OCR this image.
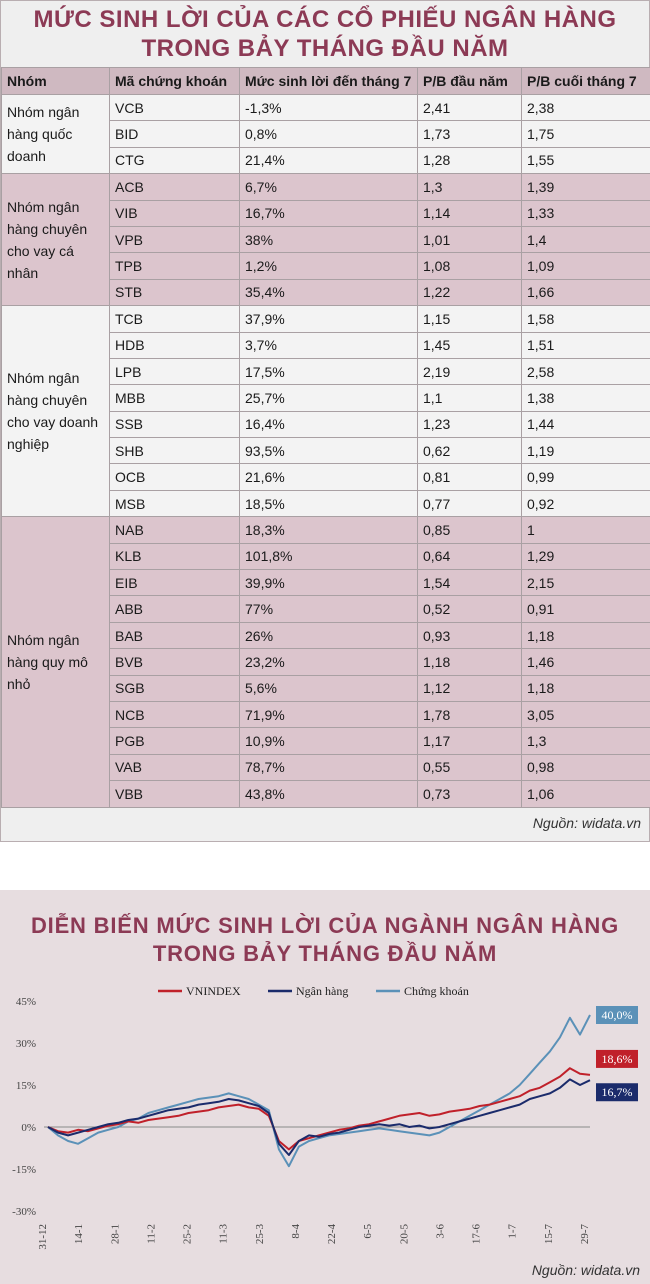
MỨC SINH LỜI CỦA CÁC CỔ PHIẾU NGÂN HÀNG
TRONG BẢY THÁNG ĐẦU NĂM
Nhóm	Mã chứng khoán	Mức sinh lời đến tháng 7	P/B đầu năm	P/B cuối tháng 7
Nhóm ngân hàng quốc doanh	VCB	-1,3%	2,41	2,38
	BID	0,8%	1,73	1,75
	CTG	21,4%	1,28	1,55
Nhóm ngân hàng chuyên cho vay cá nhân	ACB	6,7%	1,3	1,39
	VIB	16,7%	1,14	1,33
	VPB	38%	1,01	1,4
	TPB	1,2%	1,08	1,09
	STB	35,4%	1,22	1,66
Nhóm ngân hàng chuyên cho vay doanh nghiệp	TCB	37,9%	1,15	1,58
	HDB	3,7%	1,45	1,51
	LPB	17,5%	2,19	2,58
	MBB	25,7%	1,1	1,38
	SSB	16,4%	1,23	1,44
	SHB	93,5%	0,62	1,19
	OCB	21,6%	0,81	0,99
	MSB	18,5%	0,77	0,92
Nhóm ngân hàng quy mô nhỏ	NAB	18,3%	0,85	1
	KLB	101,8%	0,64	1,29
	EIB	39,9%	1,54	2,15
	ABB	77%	0,52	0,91
	BAB	26%	0,93	1,18
	BVB	23,2%	1,18	1,46
	SGB	5,6%	1,12	1,18
	NCB	71,9%	1,78	3,05
	PGB	10,9%	1,17	1,3
	VAB	78,7%	0,55	0,98
	VBB	43,8%	0,73	1,06
Nguồn: widata.vn
DIỄN BIẾN MỨC SINH LỜI CỦA NGÀNH NGÂN HÀNG
TRONG BẢY THÁNG ĐẦU NĂM
45%
30%
15%
0%
-15%
-30%
31-12 14-1 28-1 11-2 25-2 11-3 25-3 8-4 22-4 6-5 20-5 3-6 17-6 1-7 15-7 29-7
18,6%
16,7%
40,0%
VNINDEX	Ngân hàng	Chứng khoán
Nguồn: widata.vn
